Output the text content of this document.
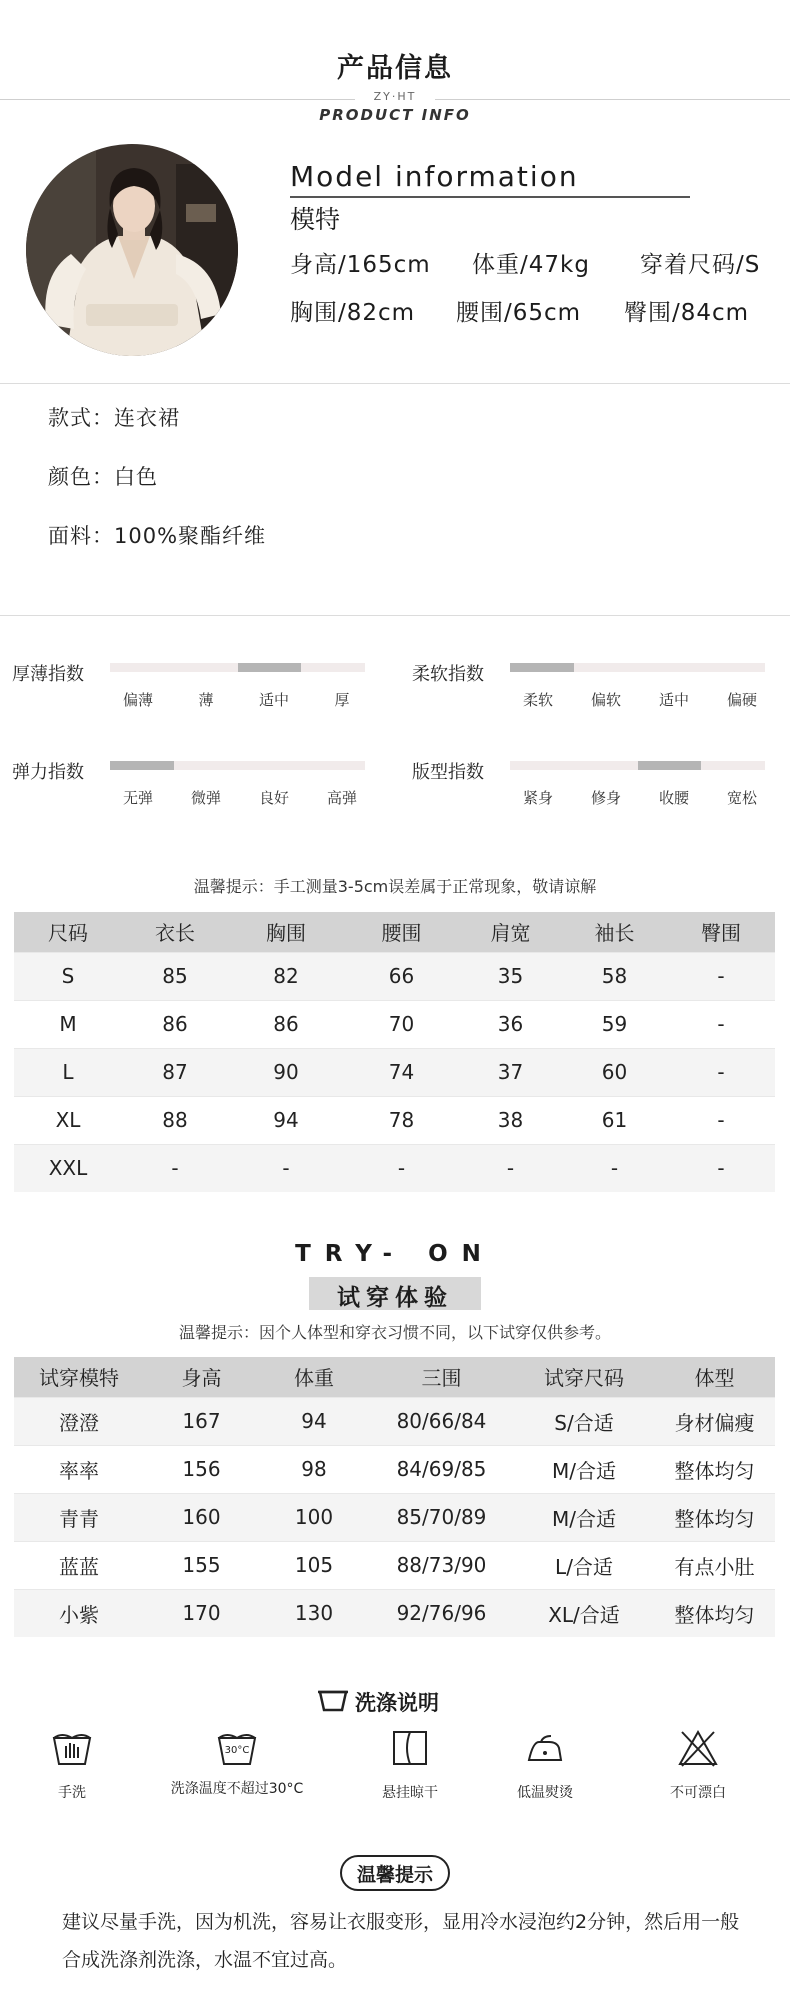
产品信息
ZY·HT
PRODUCT INFO
Model information
模特
身高/165cm 体重/47kg 穿着尺码/S
胸围/82cm 腰围/65cm 臀围/84cm
款式：连衣裙
颜色：白色
面料：100%聚酯纤维
厚薄指数
偏薄	薄	适中	厚
柔软指数
柔软	偏软	适中	偏硬
弹力指数
无弹	微弹	良好	高弹
版型指数
紧身	修身	收腰	宽松
温馨提示：手工测量3-5cm误差属于正常现象，敬请谅解
尺码	衣长	胸围	腰围	肩宽	袖长	臀围
S	85	82	66	35	58	-
M	86	86	70	36	59	-
L	87	90	74	37	60	-
XL	88	94	78	38	61	-
XXL	-	-	-	-	-	-
TRY- ON
试穿体验
温馨提示：因个人体型和穿衣习惯不同，以下试穿仅供参考。
试穿模特	身高	体重	三围	试穿尺码	体型
澄澄	167	94	80/66/84	S/合适	身材偏瘦
率率	156	98	84/69/85	M/合适	整体均匀
青青	160	100	85/70/89	M/合适	整体均匀
蓝蓝	155	105	88/73/90	L/合适	有点小肚
小紫	170	130	92/76/96	XL/合适	整体均匀
洗涤说明
手洗
30°C
洗涤温度不超过30°C	悬挂晾干	低温熨烫	不可漂白
温馨提示
建议尽量手洗，因为机洗，容易让衣服变形，显用冷水浸泡约2分钟，然后用一般合成洗涤剂洗涤，水温不宜过高。
